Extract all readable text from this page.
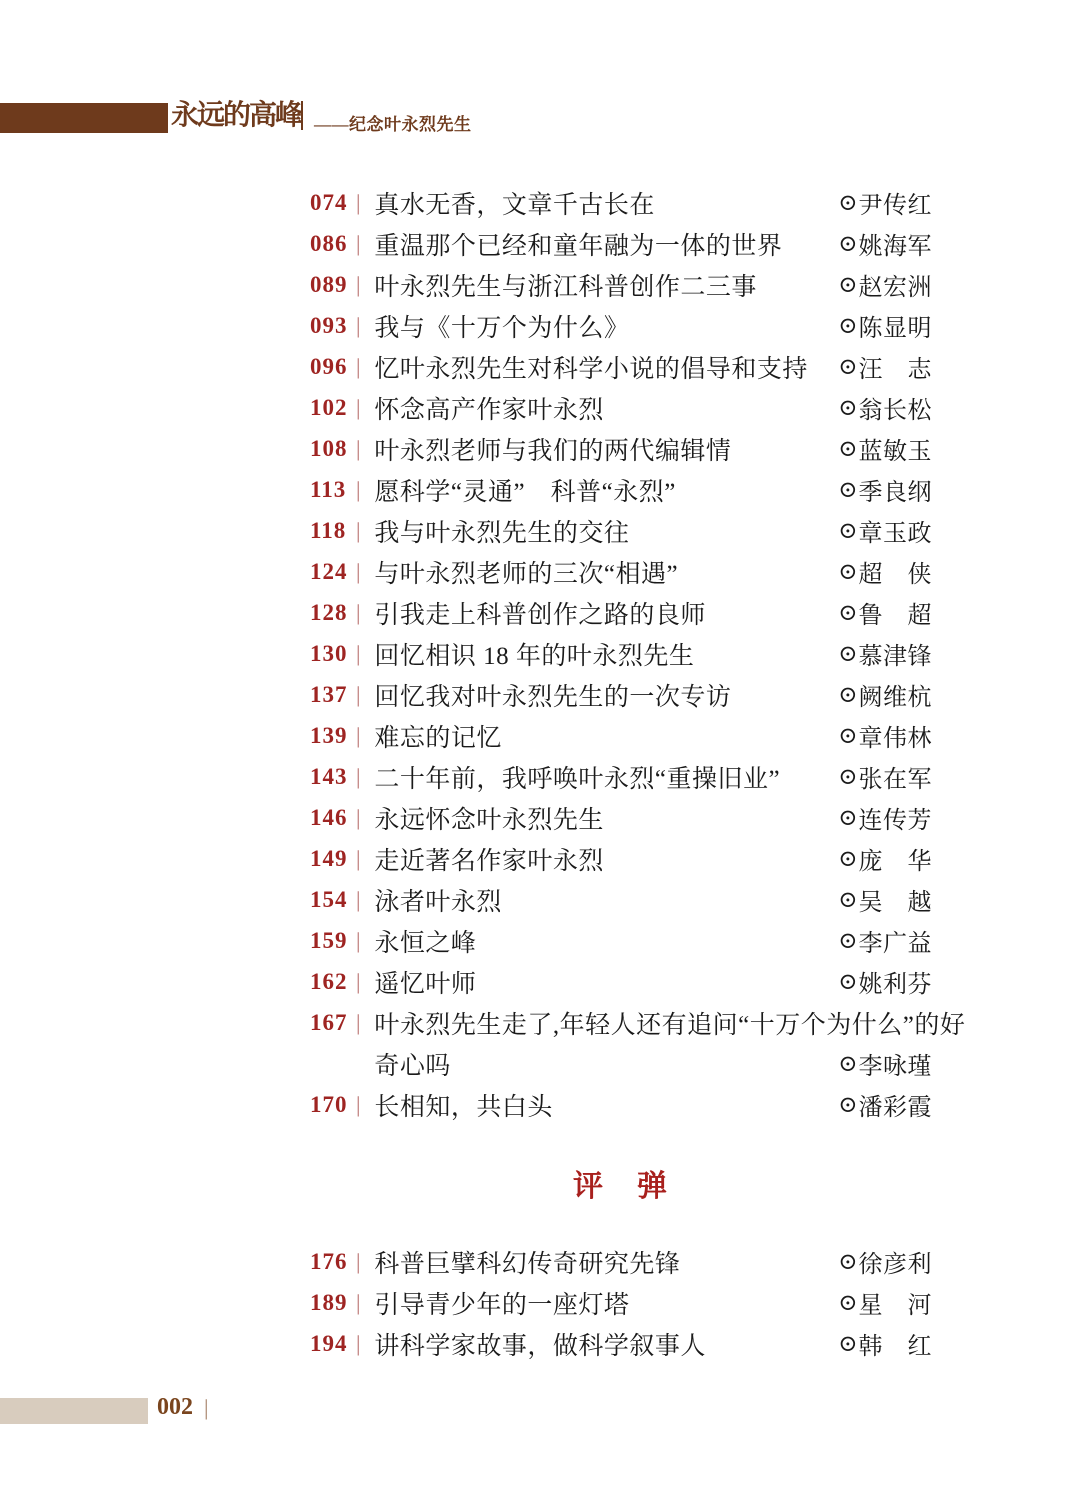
永远的高峰 ——纪念叶永烈先生
074 | 真水无香，文章千古长在	⊙ 尹传红
086 | 重温那个已经和童年融为一体的世界 ⊙ 姚海军
089 | 叶永烈先生与浙江科普创作二三事	⊙ 赵宏洲
093 | 我与《十万个为什么》	⊙ 陈显明
096 | 忆叶永烈先生对科学小说的倡导和支持 ⊙ 汪　志
102 | 怀念高产作家叶永烈	⊙ 翁长松
108 | 叶永烈老师与我们的两代编辑情	⊙ 蓝敏玉
113 | 愿科学“灵通”　科普“永烈”	⊙ 季良纲
118 | 我与叶永烈先生的交往	⊙ 章玉政
124 | 与叶永烈老师的三次“相遇”	⊙ 超　侠
128 | 引我走上科普创作之路的良师	⊙ 鲁　超
130 | 回忆相识 18 年的叶永烈先生	⊙ 慕津锋
137 | 回忆我对叶永烈先生的一次专访	⊙ 阙维杭
139 | 难忘的记忆	⊙ 章伟林
143 | 二十年前，我呼唤叶永烈“重操旧业”	⊙ 张在军
146 | 永远怀念叶永烈先生	⊙ 连传芳
149 | 走近著名作家叶永烈	⊙ 庞　华
154 | 泳者叶永烈	⊙ 吴　越
159 | 永恒之峰	⊙ 李广益
162 | 遥忆叶师	⊙ 姚利芬
167 | 叶永烈先生走了,年轻人还有追问“十万个为什么”的好
奇心吗	⊙ 李咏瑾
170 | 长相知，共白头	⊙ 潘彩霞
评　弹
176 | 科普巨擘科幻传奇研究先锋	⊙ 徐彦利
189 | 引导青少年的一座灯塔	⊙ 星　河
194 | 讲科学家故事，做科学叙事人	⊙ 韩　红
002 |
